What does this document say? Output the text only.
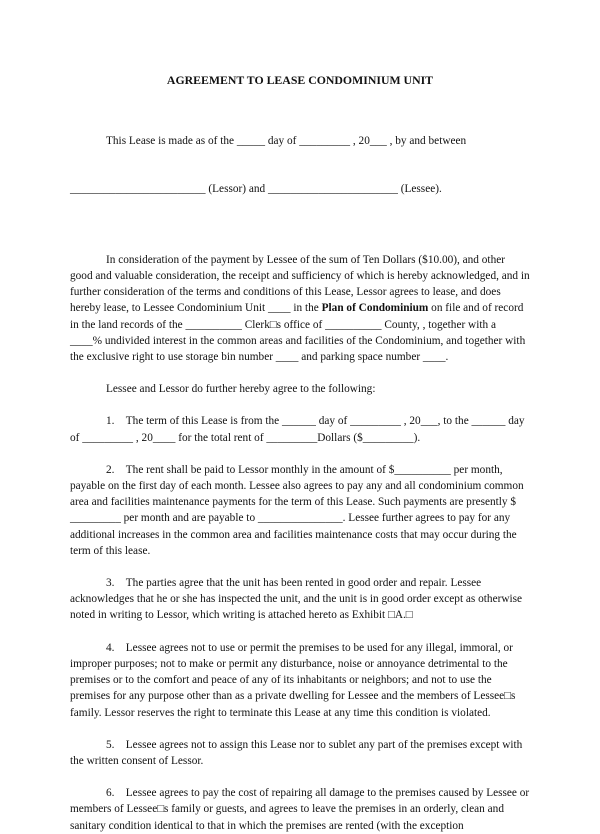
AGREEMENT TO LEASE CONDOMINIUM UNIT

This Lease is made as of the _____ day of _________ , 20___ , by and between

________________________ (Lessor) and _______________________ (Lessee).

In consideration of the payment by Lessee of the sum of Ten Dollars ($10.00), and other good and valuable consideration, the receipt and sufficiency of which is hereby acknowledged, and in further consideration of the terms and conditions of this Lease, Lessor agrees to lease, and does hereby lease, to Lessee Condominium Unit ____ in the Plan of Condominium on file and of record in the land records of the __________ Clerk□s office of __________ County, , together with a ____% undivided interest in the common areas and facilities of the Condominium, and together with the exclusive right to use storage bin number ____ and parking space number ____.
Lessee and Lessor do further hereby agree to the following:
1. The term of this Lease is from the ______ day of _________ , 20___, to the ______ day of _________ , 20____ for the total rent of _________Dollars ($_________).
2. The rent shall be paid to Lessor monthly in the amount of $__________ per month, payable on the first day of each month. Lessee also agrees to pay any and all condominium common area and facilities maintenance payments for the term of this Lease. Such payments are presently $ _________ per month and are payable to _______________. Lessee further agrees to pay for any additional increases in the common area and facilities maintenance costs that may occur during the term of this lease.
3. The parties agree that the unit has been rented in good order and repair. Lessee acknowledges that he or she has inspected the unit, and the unit is in good order except as otherwise noted in writing to Lessor, which writing is attached hereto as Exhibit □A.□
4. Lessee agrees not to use or permit the premises to be used for any illegal, immoral, or improper purposes; not to make or permit any disturbance, noise or annoyance detrimental to the premises or to the comfort and peace of any of its inhabitants or neighbors; and not to use the premises for any purpose other than as a private dwelling for Lessee and the members of Lessee□s family. Lessor reserves the right to terminate this Lease at any time this condition is violated.
5. Lessee agrees not to assign this Lease nor to sublet any part of the premises except with the written consent of Lessor.
6. Lessee agrees to pay the cost of repairing all damage to the premises caused by Lessee or members of Lessee□s family or guests, and agrees to leave the premises in an orderly, clean and sanitary condition identical to that in which the premises are rented (with the exception
